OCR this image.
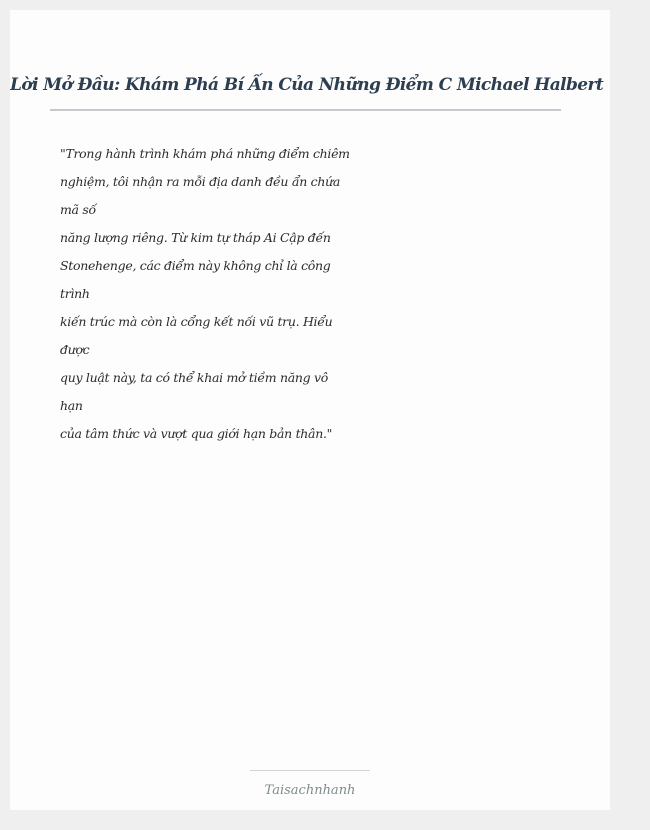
Lời Mở Đầu: Khám Phá Bí Ẩn Của Những Điểm C Michael Halbert
"Trong hành trình khám phá những điểm chiêm
nghiệm, tôi nhận ra mỗi địa danh đều ẩn chứa
mã số
năng lượng riêng. Từ kim tự tháp Ai Cập đến
Stonehenge, các điểm này không chỉ là công
trình
kiến trúc mà còn là cổng kết nối vũ trụ. Hiểu
được
quy luật này, ta có thể khai mở tiềm năng vô
hạn
của tâm thức và vượt qua giới hạn bản thân."
Taisachnhanh
